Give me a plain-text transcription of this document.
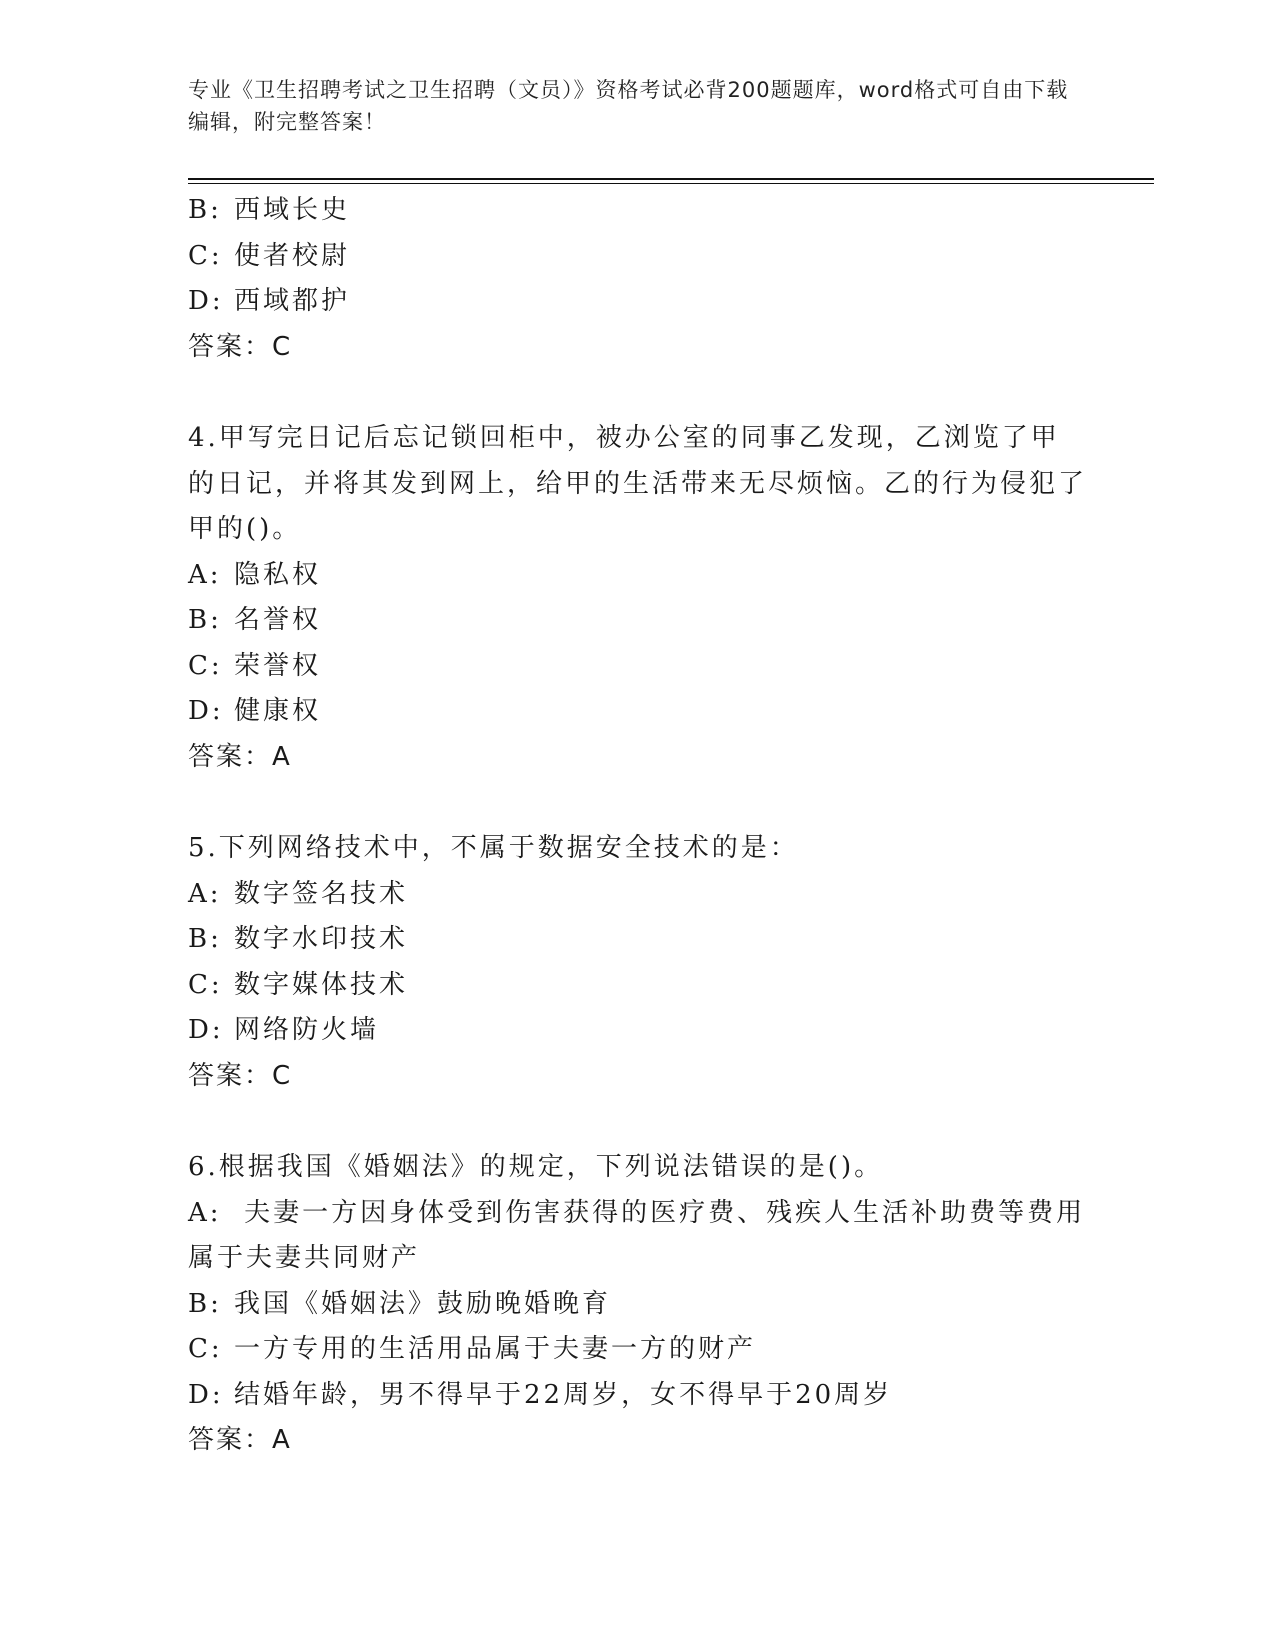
专业《卫生招聘考试之卫生招聘（文员）》资格考试必背200题题库，word格式可自由下载编辑，附完整答案！
B: 西域长史
C: 使者校尉
D: 西域都护
答案：C
4.甲写完日记后忘记锁回柜中，被办公室的同事乙发现，乙浏览了甲的日记，并将其发到网上，给甲的生活带来无尽烦恼。乙的行为侵犯了甲的()。
A: 隐私权
B: 名誉权
C: 荣誉权
D: 健康权
答案：A
5.下列网络技术中，不属于数据安全技术的是：
A: 数字签名技术
B: 数字水印技术
C: 数字媒体技术
D: 网络防火墙
答案：C
6.根据我国《婚姻法》的规定，下列说法错误的是()。
A: 夫妻一方因身体受到伤害获得的医疗费、残疾人生活补助费等费用属于夫妻共同财产
B: 我国《婚姻法》鼓励晚婚晚育
C: 一方专用的生活用品属于夫妻一方的财产
D: 结婚年龄，男不得早于22周岁，女不得早于20周岁
答案：A
